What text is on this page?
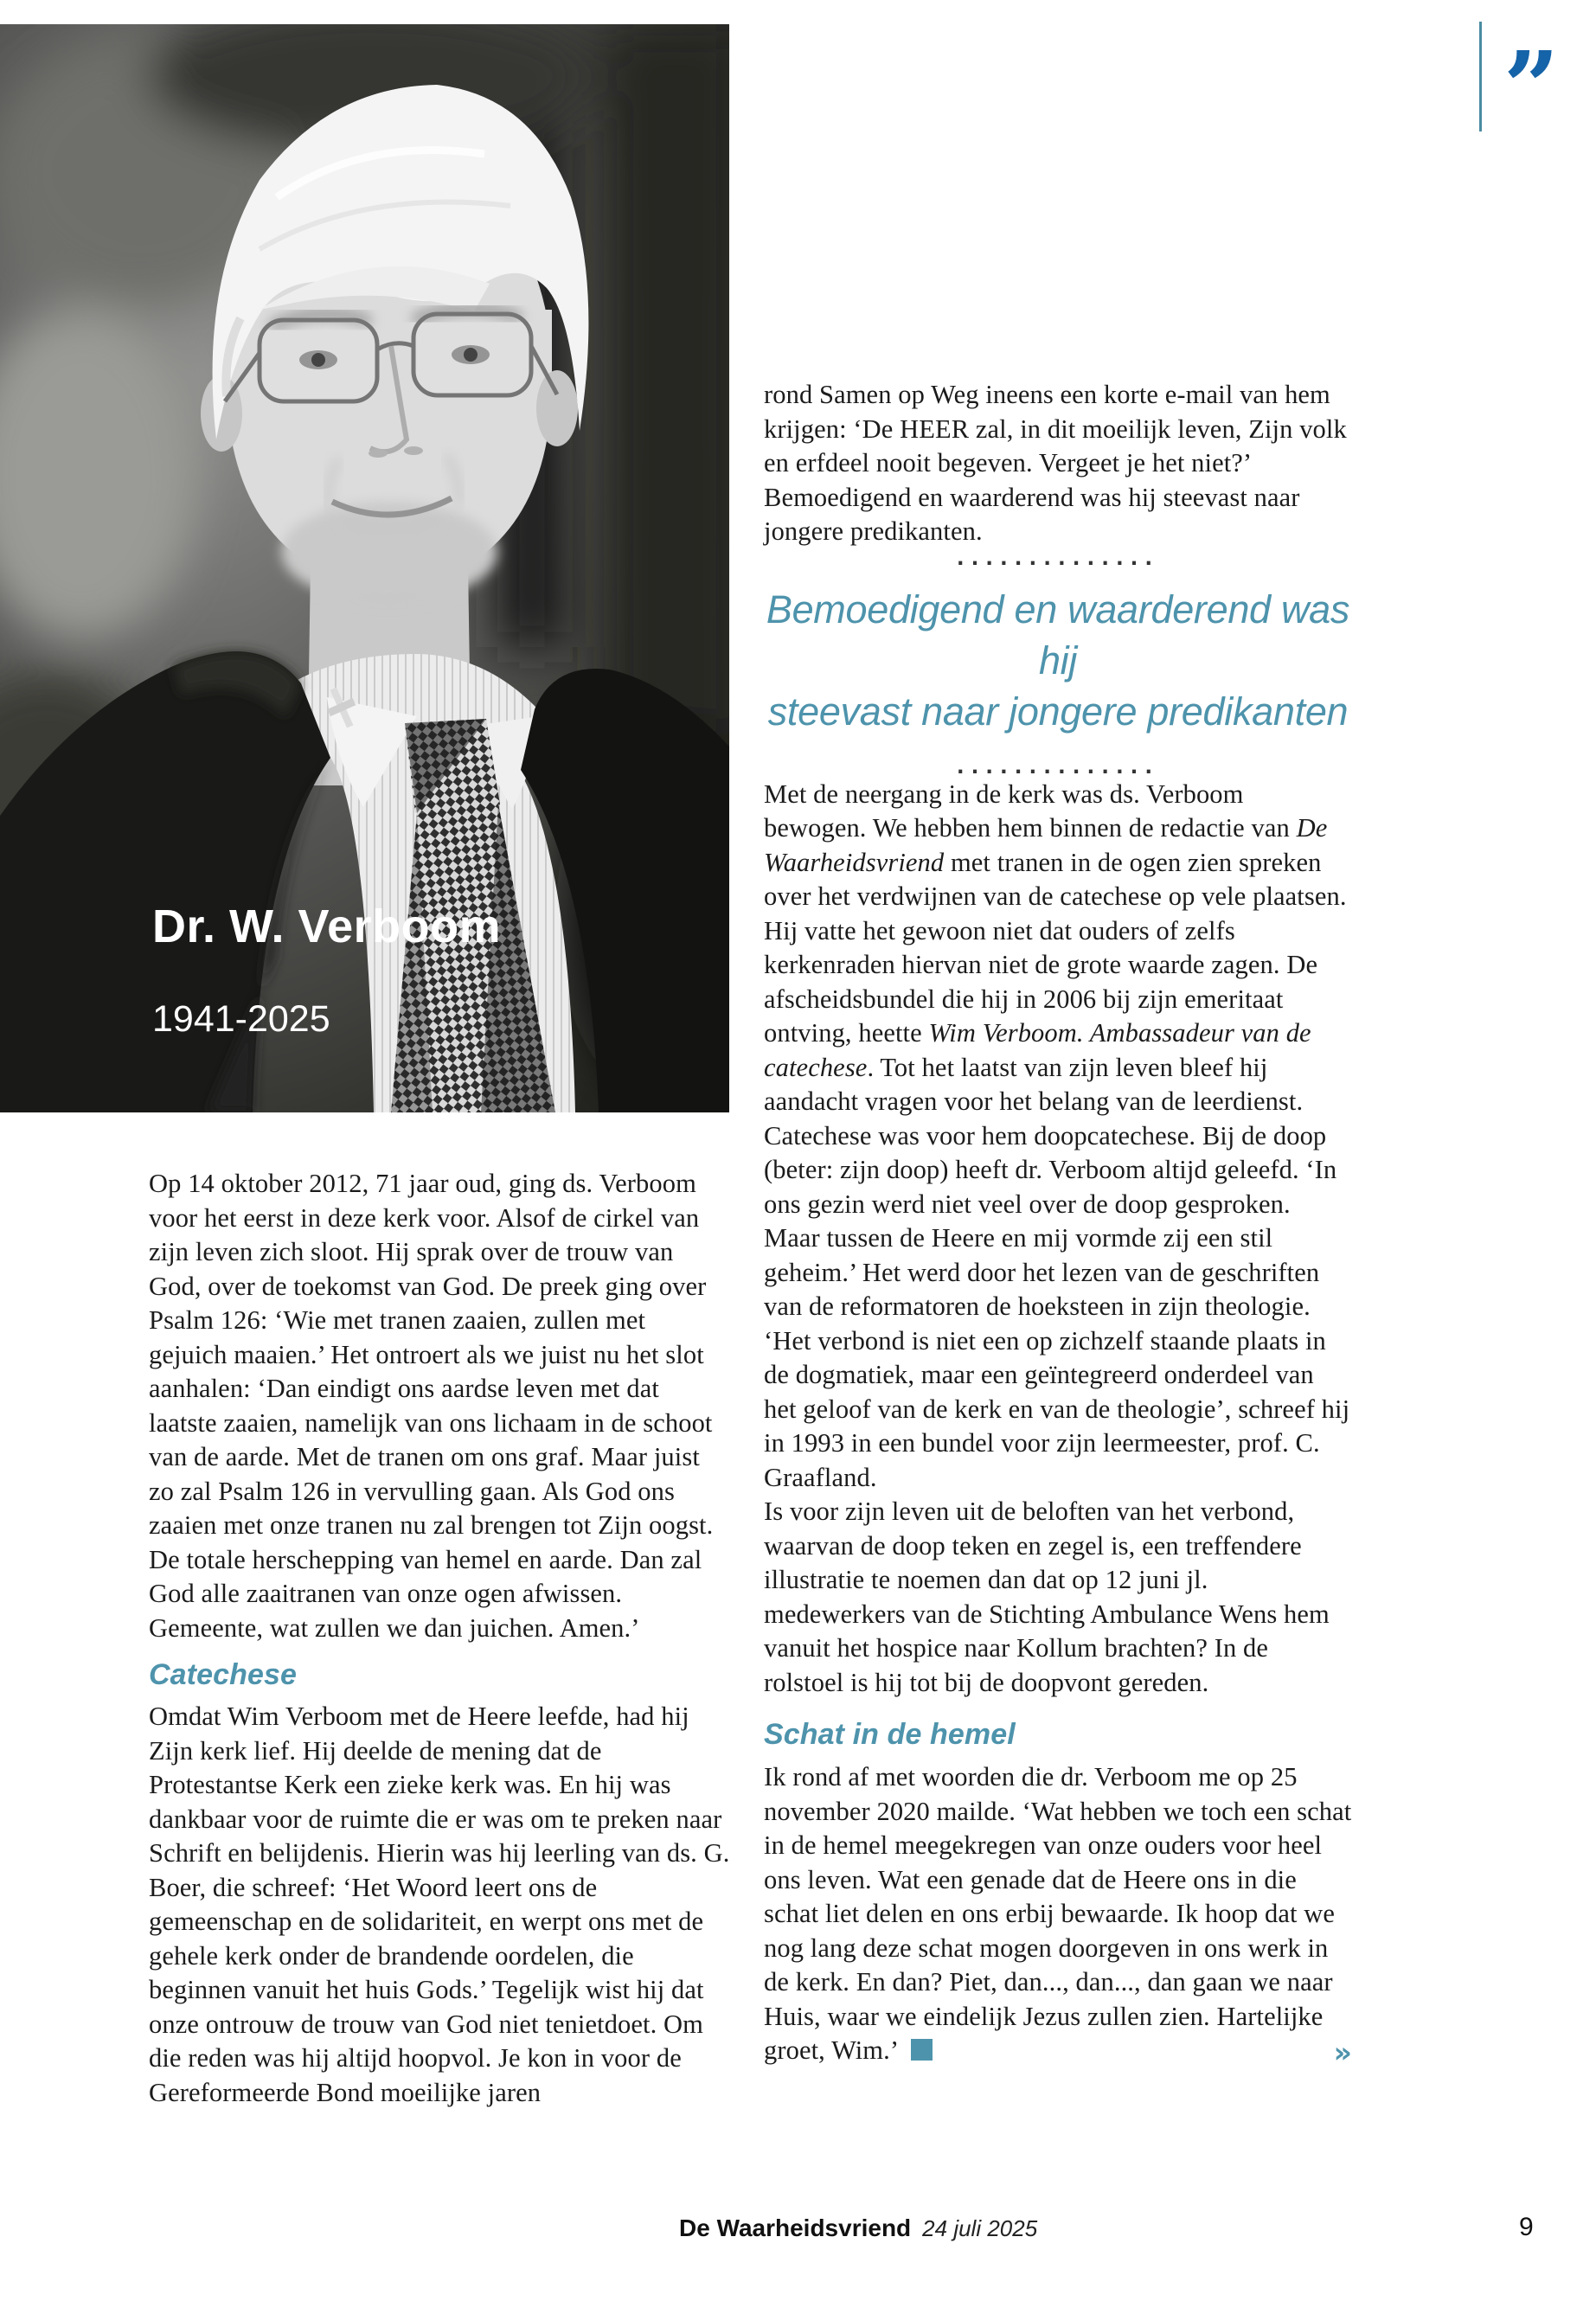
Dr. W. Verboom
1941-2025
”

Op 14 oktober 2012, 71 jaar oud, ging ds. Verboom voor het eerst in deze kerk voor. Alsof de cirkel van zijn leven zich sloot. Hij sprak over de trouw van God, over de toekomst van God. De preek ging over Psalm 126: ‘Wie met tranen zaaien, zullen met gejuich maaien.’ Het ontroert als we juist nu het slot aanhalen: ‘Dan eindigt ons aardse leven met dat laatste zaaien, namelijk van ons lichaam in de schoot van de aarde. Met de tranen om ons graf. Maar juist zo zal Psalm 126 in vervulling gaan. Als God ons zaaien met onze tranen nu zal brengen tot Zijn oogst. De totale herschepping van hemel en aarde. Dan zal God alle zaaitranen van onze ogen afwissen. Gemeente, wat zullen we dan juichen. Amen.’

Catechese

Omdat Wim Verboom met de Heere leefde, had hij Zijn kerk lief. Hij deelde de mening dat de Protestantse Kerk een zieke kerk was. En hij was dankbaar voor de ruimte die er was om te preken naar Schrift en belijdenis. Hierin was hij leerling van ds. G. Boer, die schreef: ‘Het Woord leert ons de gemeenschap en de solidariteit, en werpt ons met de gehele kerk onder de brandende oordelen, die beginnen vanuit het huis Gods.’ Tegelijk wist hij dat onze ontrouw de trouw van God niet tenietdoet. Om die reden was hij altijd hoopvol. Je kon in voor de Gereformeerde Bond moeilijke jaren

rond Samen op Weg ineens een korte e-mail van hem krijgen: ‘De HEER zal, in dit moeilijk leven, Zijn volk en erfdeel nooit begeven. Vergeet je het niet?’ Bemoedigend en waarderend was hij steevast naar jongere predikanten.

..............

Bemoedigend en waarderend was hij
steevast naar jongere predikanten

..............

Met de neergang in de kerk was ds. Verboom bewogen. We hebben hem binnen de redactie van De Waarheidsvriend met tranen in de ogen zien spreken over het verdwijnen van de catechese op vele plaatsen. Hij vatte het gewoon niet dat ouders of zelfs kerkenraden hiervan niet de grote waarde zagen. De afscheidsbundel die hij in 2006 bij zijn emeritaat ontving, heette Wim Verboom. Ambassadeur van de catechese. Tot het laatst van zijn leven bleef hij aandacht vragen voor het belang van de leerdienst.

Catechese was voor hem doopcatechese. Bij de doop (beter: zijn doop) heeft dr. Verboom altijd geleefd. ‘In ons gezin werd niet veel over de doop gesproken. Maar tussen de Heere en mij vormde zij een stil geheim.’ Het werd door het lezen van de geschriften van de reformatoren de hoeksteen in zijn theologie. ‘Het verbond is niet een op zichzelf staande plaats in de dogmatiek, maar een geïntegreerd onderdeel van het geloof van de kerk en van de theologie’, schreef hij in 1993 in een bundel voor zijn leermeester, prof. C. Graafland.

Is voor zijn leven uit de beloften van het verbond, waarvan de doop teken en zegel is, een treffendere illustratie te noemen dan dat op 12 juni jl. medewerkers van de Stichting Ambulance Wens hem vanuit het hospice naar Kollum brachten? In de rolstoel is hij tot bij de doopvont gereden.

Schat in de hemel

Ik rond af met woorden die dr. Verboom me op 25 november 2020 mailde. ‘Wat hebben we toch een schat in de hemel meegekregen van onze ouders voor heel ons leven. Wat een genade dat de Heere ons in die schat liet delen en ons erbij bewaarde. Ik hoop dat we nog lang deze schat mogen doorgeven in ons werk in de kerk. En dan? Piet, dan..., dan..., dan gaan we naar Huis, waar we eindelijk Jezus zullen zien. Hartelijke groet, Wim.’	»

De Waarheidsvriend 24 juli 2025	9
